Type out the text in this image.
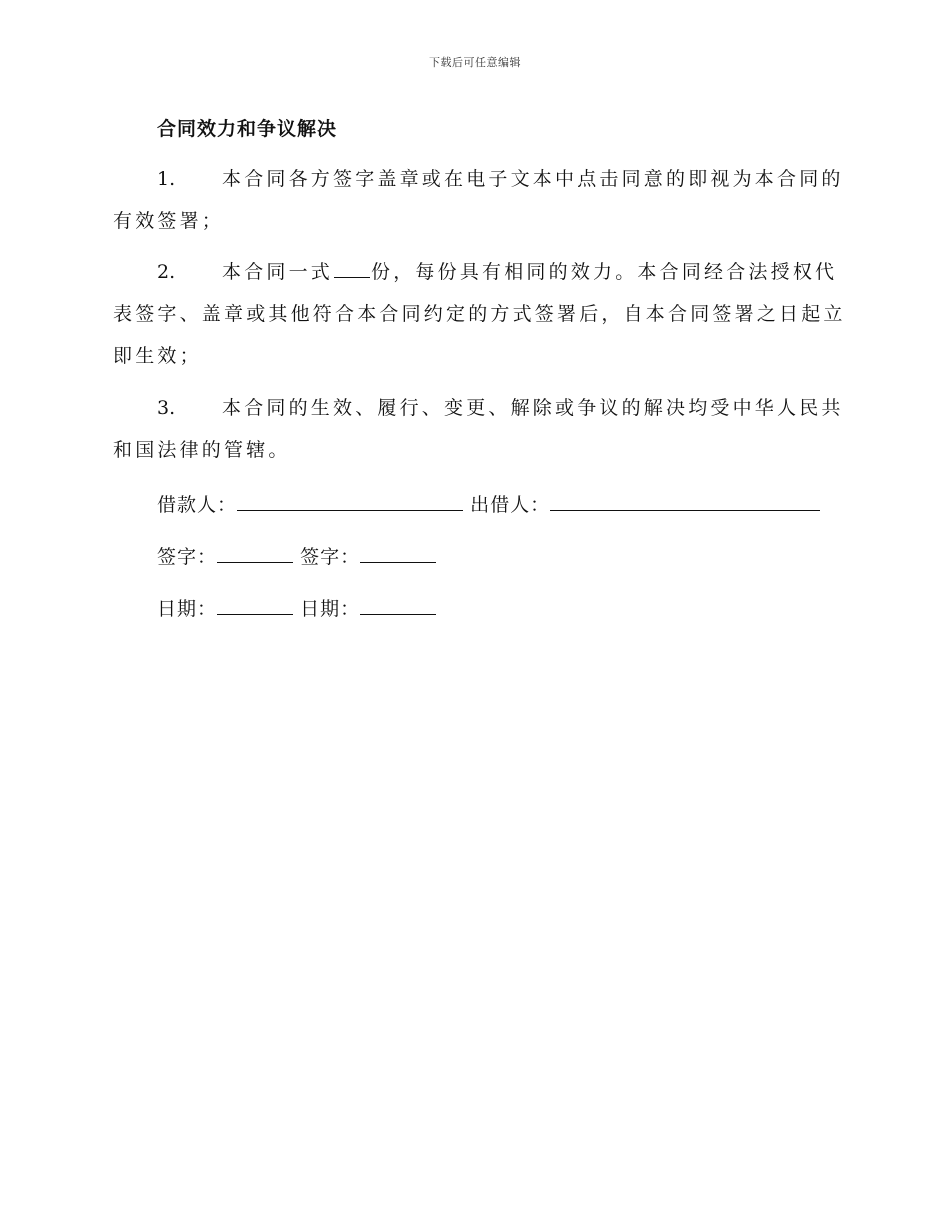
下载后可任意编辑
合同效力和争议解决
1. 本合同各方签字盖章或在电子文本中点击同意的即视为本合同的
有效签署；
2. 本合同一式 份，每份具有相同的效力。本合同经合法授权代
表签字、盖章或其他符合本合同约定的方式签署后，自本合同签署之日起立
即生效；
3. 本合同的生效、履行、变更、解除或争议的解决均受中华人民共
和国法律的管辖。
借款人：	出借人：
签字：	签字：
日期：	日期：
